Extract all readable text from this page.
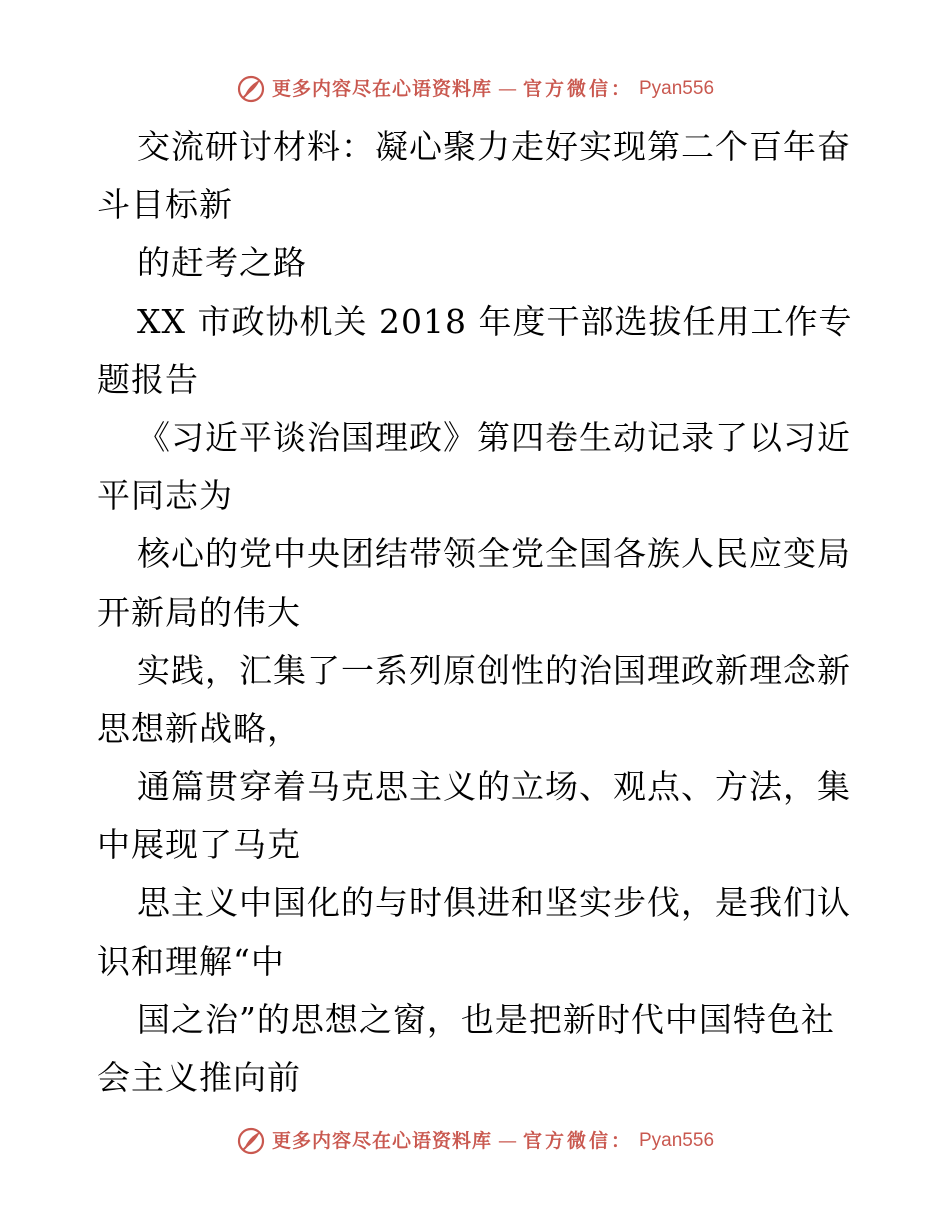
更多内容尽在心语资料库 — 官方微信： Pyan556
交流研讨材料：凝心聚力走好实现第二个百年奋
斗目标新
的赶考之路
XX 市政协机关 2018 年度干部选拔任用工作专
题报告
《习近平谈治国理政》第四卷生动记录了以习近
平同志为
核心的党中央团结带领全党全国各族人民应变局
开新局的伟大
实践，汇集了一系列原创性的治国理政新理念新
思想新战略，
通篇贯穿着马克思主义的立场、观点、方法，集
中展现了马克
思主义中国化的与时俱进和坚实步伐，是我们认
识和理解“中
国之治”的思想之窗，也是把新时代中国特色社
会主义推向前
更多内容尽在心语资料库 — 官方微信： Pyan556
